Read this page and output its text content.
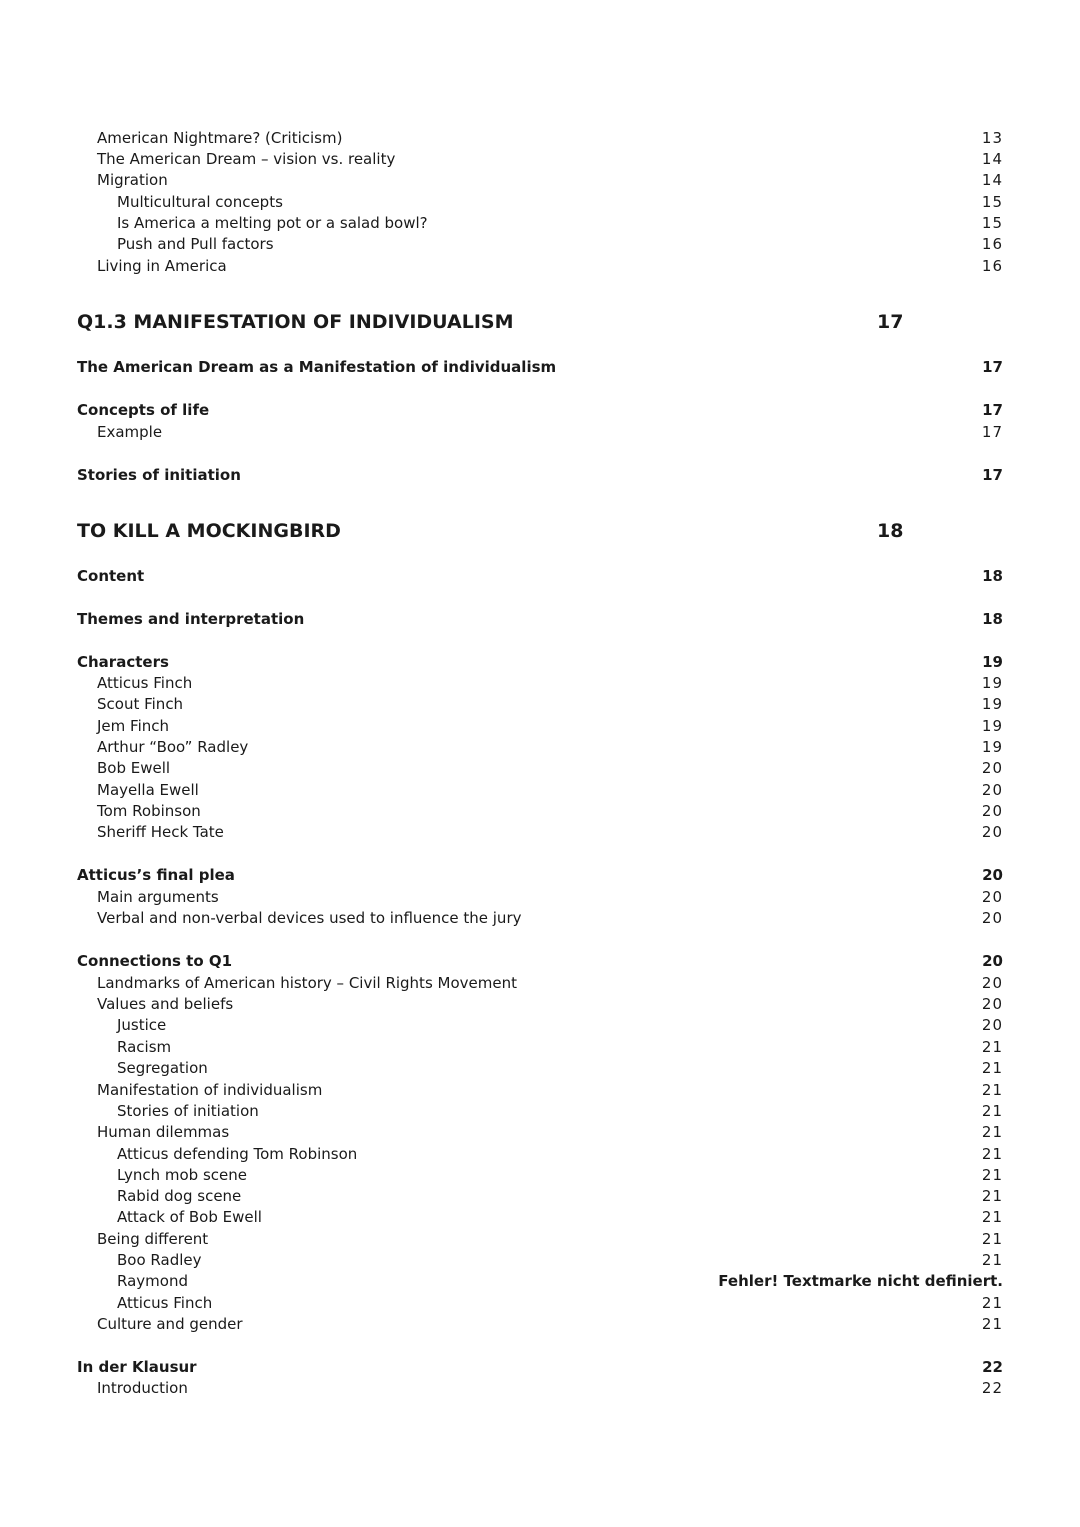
American Nightmare? (Criticism)	13
The American Dream – vision vs. reality	14
Migration	14
Multicultural concepts	15
Is America a melting pot or a salad bowl?	15
Push and Pull factors	16
Living in America	16
Q1.3 MANIFESTATION OF INDIVIDUALISM	17
The American Dream as a Manifestation of individualism	17
Concepts of life	17
Example	17
Stories of initiation	17
TO KILL A MOCKINGBIRD	18
Content	18
Themes and interpretation	18
Characters	19
Atticus Finch	19
Scout Finch	19
Jem Finch	19
Arthur “Boo” Radley	19
Bob Ewell	20
Mayella Ewell	20
Tom Robinson	20
Sheriff Heck Tate	20
Atticus’s final plea	20
Main arguments	20
Verbal and non-verbal devices used to influence the jury	20
Connections to Q1	20
Landmarks of American history – Civil Rights Movement	20
Values and beliefs	20
Justice	20
Racism	21
Segregation	21
Manifestation of individualism	21
Stories of initiation	21
Human dilemmas	21
Atticus defending Tom Robinson	21
Lynch mob scene	21
Rabid dog scene	21
Attack of Bob Ewell	21
Being different	21
Boo Radley	21
Raymond	Fehler! Textmarke nicht definiert.
Atticus Finch	21
Culture and gender	21
In der Klausur	22
Introduction	22
